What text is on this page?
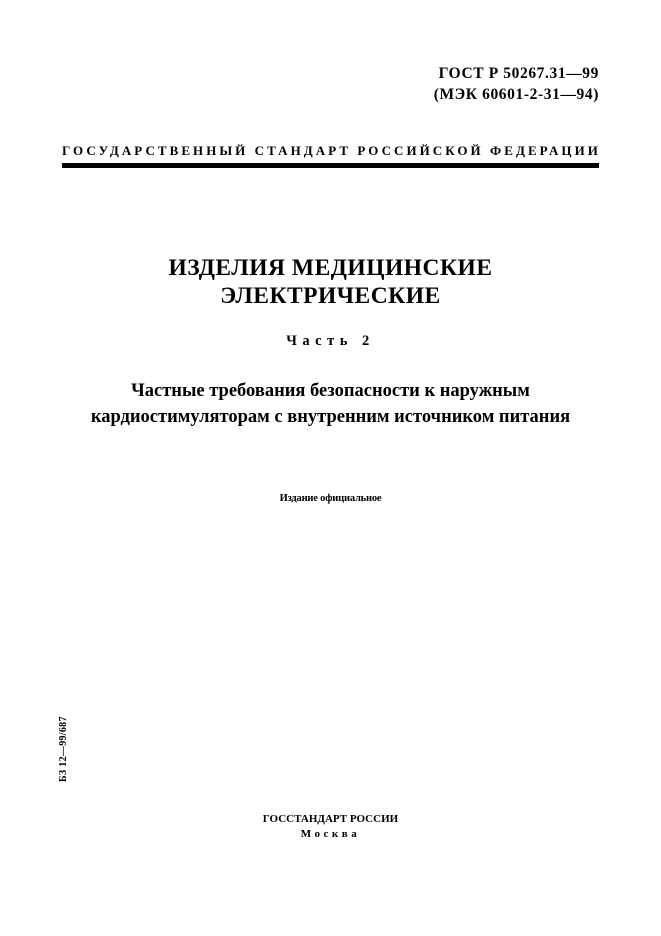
ГОСТ Р 50267.31—99
(МЭК 60601-2-31—94)
ГОСУДАРСТВЕННЫЙ СТАНДАРТ РОССИЙСКОЙ ФЕДЕРАЦИИ
ИЗДЕЛИЯ МЕДИЦИНСКИЕ
ЭЛЕКТРИЧЕСКИЕ
Часть 2
Частные требования безопасности к наружным
кардиостимуляторам с внутренним источником питания
Издание официальное
БЗ 12—99/687
ГОССТАНДАРТ РОССИИ
Москва
